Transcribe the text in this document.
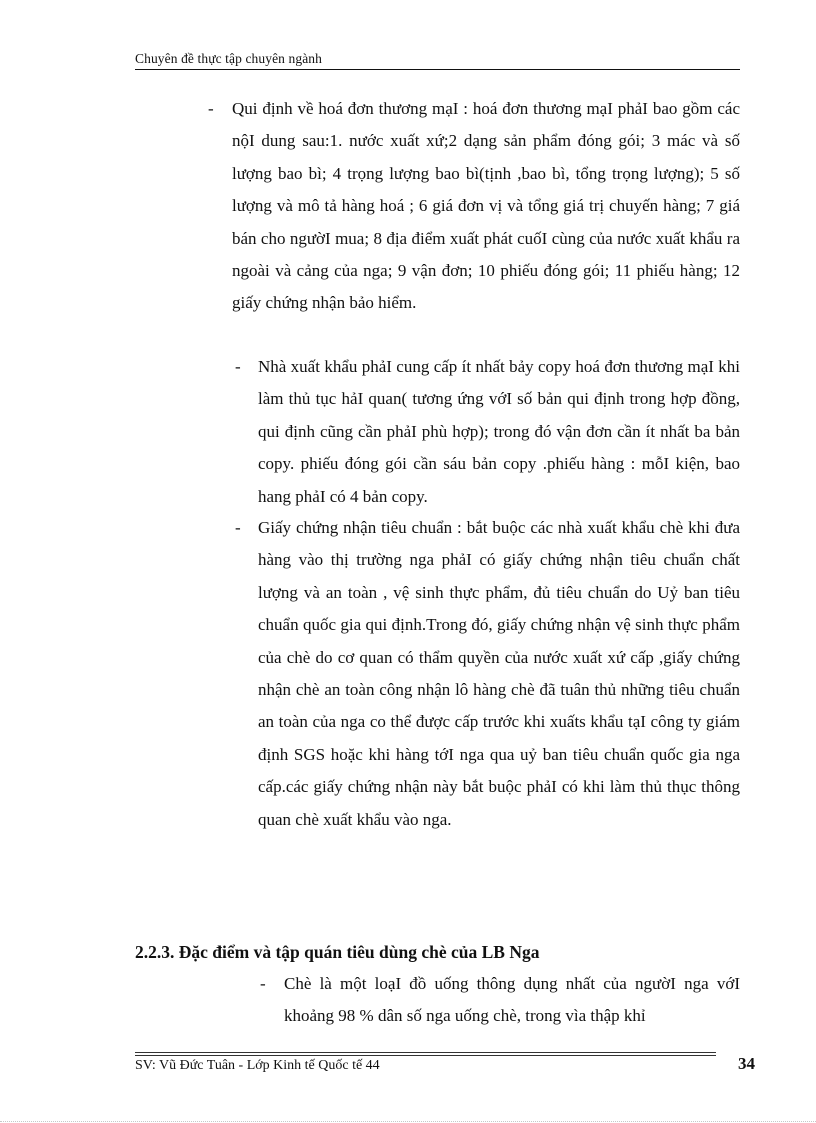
Chuyên đề thực tập chuyên ngành
- Qui định về hoá đơn thương mạI : hoá đơn thương mạI phảI bao gồm các nộI dung sau:1. nước xuất xứ;2 dạng sản phẩm đóng gói; 3 mác và số lượng bao bì; 4 trọng lượng bao bì(tịnh ,bao bì, tổng trọng lượng); 5 số lượng và mô tả hàng hoá ; 6 giá đơn vị và tổng giá trị chuyến hàng; 7 giá bán cho ngườI mua; 8 địa điểm xuất phát cuốI cùng của nước xuất khẩu ra ngoài và cảng của nga; 9 vận đơn; 10 phiếu đóng gói; 11 phiếu hàng; 12 giấy chứng nhận bảo hiểm.

- Nhà xuất khẩu phảI cung cấp ít nhất bảy copy hoá đơn thương mạI khi làm thủ tục hảI quan( tương ứng vớI số bản qui định trong hợp đồng, qui định cũng cần phảI phù hợp); trong đó vận đơn cần ít nhất ba bản copy. phiếu đóng gói cần sáu bản copy .phiếu hàng : mỗI kiện, bao hang phảI có 4 bản copy.

- Giấy chứng nhận tiêu chuẩn : bắt buộc các nhà xuất khẩu chè khi đưa hàng vào thị trường nga phảI có giấy chứng nhận tiêu chuẩn chất lượng và an toàn , vệ sinh thực phẩm, đủ tiêu chuẩn do Uỷ ban tiêu chuẩn quốc gia qui định.Trong đó, giấy chứng nhận vệ sinh thực phẩm của chè do cơ quan có thẩm quyền của nước xuất xứ cấp ,giấy chứng nhận chè an toàn công nhận lô hàng chè đã tuân thủ những tiêu chuẩn an toàn của nga co thể được cấp trước khi xuấts khẩu tạI công ty giám định SGS hoặc khi hàng tớI nga qua uỷ ban tiêu chuẩn quốc gia nga cấp.các giấy chứng nhận này bắt buộc phảI có khi làm thủ thục thông quan chè xuất khẩu vào nga.

2.2.3. Đặc điểm và tập quán tiêu dùng chè của LB Nga
- Chè là một loạI đồ uống thông dụng nhất của ngườI nga vớI khoảng 98 % dân số nga uống chè, trong vìa thập khỉ

SV: Vũ Đức Tuân - Lớp Kinh tế Quốc tế 44	34
